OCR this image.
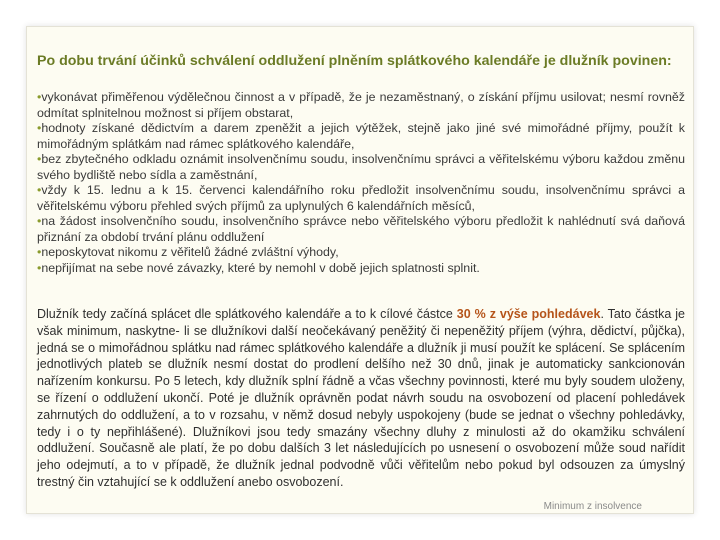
Po dobu trvání účinků schválení oddlužení plněním splátkového kalendáře je dlužník povinen:
•vykonávat přiměřenou výdělečnou činnost a v případě, že je nezaměstnaný, o získání příjmu usilovat; nesmí rovněž odmítat splnitelnou možnost si příjem obstarat,
•hodnoty získané dědictvím a darem zpeněžit a jejich výtěžek, stejně jako jiné své mimořádné příjmy, použít k mimořádným splátkám nad rámec splátkového kalendáře,
•bez zbytečného odkladu oznámit insolvenčnímu soudu, insolvenčnímu správci a věřitelskému výboru každou změnu svého bydliště nebo sídla a zaměstnání,
•vždy k 15. lednu a k 15. červenci kalendářního roku předložit insolvenčnímu soudu, insolvenčnímu správci a věřitelskému výboru přehled svých příjmů za uplynulých 6 kalendářních měsíců,
•na žádost insolvenčního soudu, insolvenčního správce nebo věřitelského výboru předložit k nahlédnutí svá daňová přiznání za období trvání plánu oddlužení
•neposkytovat nikomu z věřitelů žádné zvláštní výhody,
•nepřijímat na sebe nové závazky, které by nemohl v době jejich splatnosti splnit.

Dlužník tedy začíná splácet dle splátkového kalendáře a to k cílové částce 30 % z výše pohledávek. Tato částka je však minimum, naskytne- li se dlužníkovi další neočekávaný peněžitý či nepeněžitý příjem (výhra, dědictví, půjčka), jedná se o mimořádnou splátku nad rámec splátkového kalendáře a dlužník ji musí použít ke splácení. Se splácením jednotlivých plateb se dlužník nesmí dostat do prodlení delšího než 30 dnů, jinak je automaticky sankcionován nařízením konkursu. Po 5 letech, kdy dlužník splní řádně a včas všechny povinnosti, které mu byly soudem uloženy, se řízení o oddlužení ukončí. Poté je dlužník oprávněn podat návrh soudu na osvobození od placení pohledávek zahrnutých do oddlužení, a to v rozsahu, v němž dosud nebyly uspokojeny (bude se jednat o všechny pohledávky, tedy i o ty nepřihlášené). Dlužníkovi jsou tedy smazány všechny dluhy z minulosti až do okamžiku schválení oddlužení. Současně ale platí, že po dobu dalších 3 let následujících po usnesení o osvobození může soud nařídit jeho odejmutí, a to v případě, že dlužník jednal podvodně vůči věřitelům nebo pokud byl odsouzen za úmyslný trestný čin vztahující se k oddlužení anebo osvobození.

Minimum z insolvence
